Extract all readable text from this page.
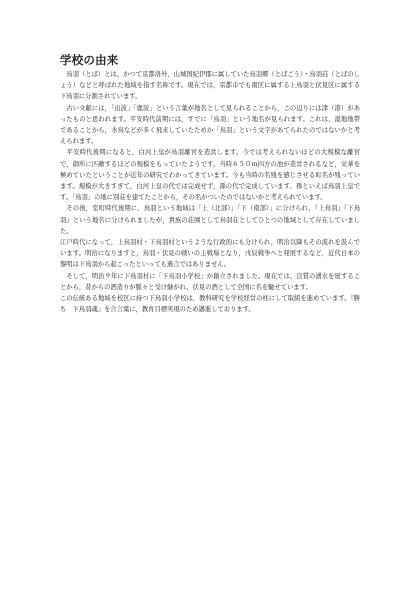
学校の由来

　鳥羽（とば）とは，かつて京都洛外，山城国紀伊郡に属していた鳥羽郷（とばごう）・鳥羽荘（とばのしょう）などと呼ばれた地域を指す名称です。現在では，京都市でも南区に属する上鳥羽と伏見区に属する下鳥羽に分割されています。

　古い文献には，「出波」「鹿波」という言葉が地名として見られることから，この辺りには津（港）があったものと思われます。平安時代前期には，すでに「鳥羽」という地名が見られます。これは，湿地地帯であることから，水鳥などが多く飛来していたためか「鳥羽」という文字があてられたのではないかと考えられます。

　平安時代後期になると，白河上皇が鳥羽離宮を造営します。今では考えられないほどの大規模な離宮で，御所に匹敵するほどの規模をもっていたようです。当時６５０ｍ四方の池が造営されるなど，栄華を極めていたということが近年の研究でわかってきています。今も当時の名残を感じさせる町名が残っています。規模が大きすぎて，白河上皇の代では完成せず，孫の代で完成しています。孫といえば鳥羽上皇です。「鳥羽」の地に別荘を建てたことから，その名がついたのではないかと考えられています。

　その後，室町時代後期に，鳥羽という地域は「上（北部）」「下（南部）」に分けられ，『上鳥羽』『下鳥羽』という地名に分けられましたが，貴族の荘園として鳥羽荘としてひとつの地域として存在していました。

江戸時代になって，上鳥羽村・下鳥羽村というような行政的にも分けられ，明治以降もその流れを汲んでいます。明治になりますと，鳥羽・伏見の戦いの主戦場となり，戊辰戦争へと発展するなど，近代日本の黎明は下鳥羽から起こったといっても過言ではありません。

　そして，明治９年に下鳥羽村に「下鳥羽小学校」が創立されました。現在では，良質の湧水を屋することから，昔からの酒造りが脈々と受け継がれ，伏見の酒として全国に名を馳せています。

この伝統ある地域を校区に持つ下鳥羽小学校は，教科研究を学校経営の柱にして取組を進めています。『勝ち　下鳥羽魂』を合言葉に，教育目標実現のため邁進しております。
